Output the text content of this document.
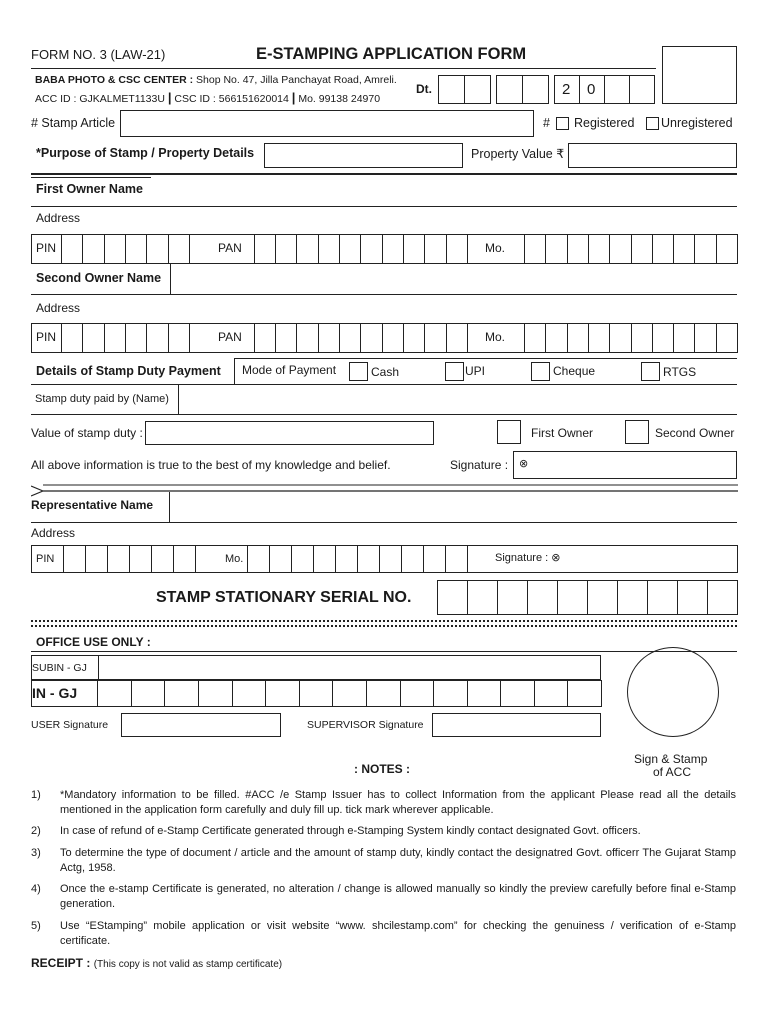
FORM NO. 3 (LAW-21)	E-STAMPING APPLICATION FORM
BABA PHOTO & CSC CENTER : Shop No. 47, Jilla Panchayat Road, Amreli.
ACC ID : GJKALMET1133U | CSC ID : 566151620014 | Mo. 99138 24970
Dt.	2 0
# Stamp Article	# Registered Unregistered
*Purpose of Stamp / Property Details	Property Value ₹
First Owner Name
Address
PIN	PAN	Mo.
Second Owner Name
Address
PIN	PAN	Mo.
Details of Stamp Duty Payment Mode of Payment	Cash	UPI	Cheque	RTGS
Stamp duty paid by (Name)
Value of stamp duty :	First Owner	Second Owner
All above information is true to the best of my knowledge and belief.	Signature : ⊗
Representative Name
Address
PIN	Mo.	Signature : ⊗
STAMP STATIONARY SERIAL NO.
OFFICE USE ONLY :
SUBIN - GJ
IN - GJ
USER Signature	SUPERVISOR Signature
Sign & Stamp
of ACC
: NOTES :
1) *Mandatory information to be filled. #ACC /e Stamp Issuer has to collect Information from the applicant Please read all the details mentioned in the application form carefully and duly fill up. tick mark wherever applicable.
2) In case of refund of e-Stamp Certificate generated through e-Stamping System kindly contact designated Govt. officers.
3) To determine the type of document / article and the amount of stamp duty, kindly contact the designatred Govt. officerr The Gujarat Stamp Actg, 1958.
4) Once the e-stamp Certificate is generated, no alteration / change is allowed manually so kindly the preview carefully before final e-Stamp generation.
5) Use “EStamping” mobile application or visit website “www. shcilestamp.com” for checking the genuiness / verification of e-Stamp certificate.
RECEIPT : (This copy is not valid as stamp certificate)
